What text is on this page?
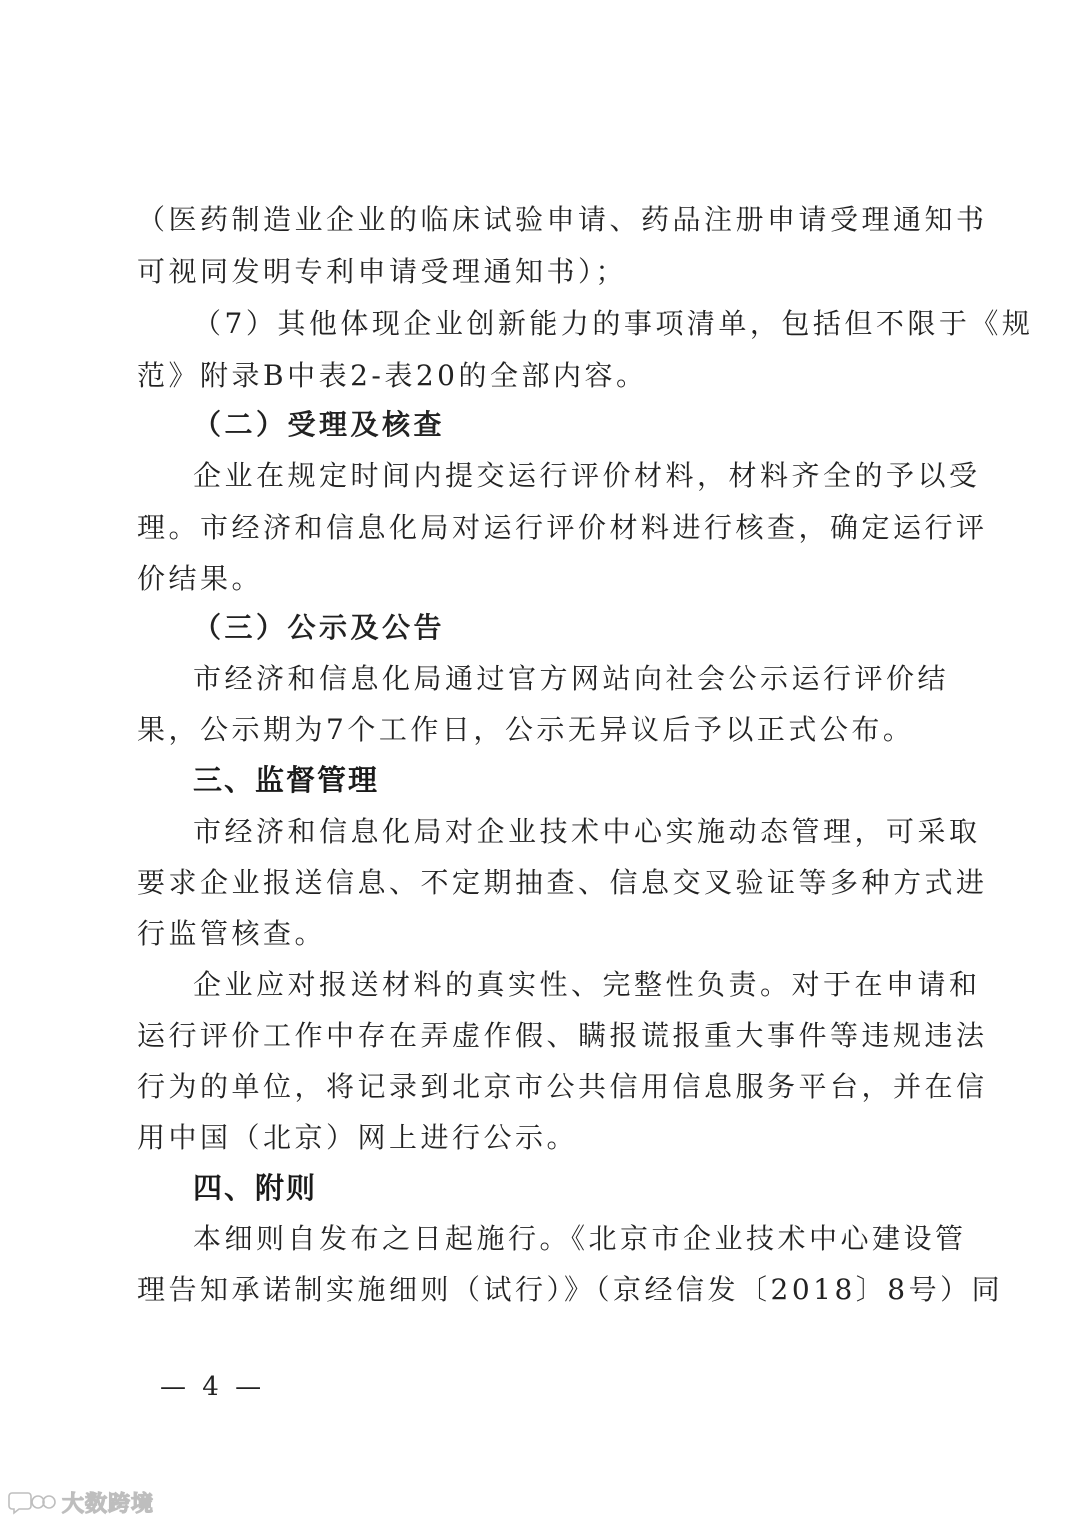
（医药制造业企业的临床试验申请、药品注册申请受理通知书
可视同发明专利申请受理通知书）；
（7）其他体现企业创新能力的事项清单，包括但不限于《规
范》附录B中表2-表20的全部内容。
（二）受理及核查
企业在规定时间内提交运行评价材料，材料齐全的予以受
理。市经济和信息化局对运行评价材料进行核查，确定运行评
价结果。
（三）公示及公告
市经济和信息化局通过官方网站向社会公示运行评价结
果，公示期为7个工作日，公示无异议后予以正式公布。
三、监督管理
市经济和信息化局对企业技术中心实施动态管理，可采取
要求企业报送信息、不定期抽查、信息交叉验证等多种方式进
行监管核查。
企业应对报送材料的真实性、完整性负责。对于在申请和
运行评价工作中存在弄虚作假、瞒报谎报重大事件等违规违法
行为的单位，将记录到北京市公共信用信息服务平台，并在信
用中国（北京）网上进行公示。
四、附则
本细则自发布之日起施行。《北京市企业技术中心建设管
理告知承诺制实施细则（试行）》（京经信发〔2018〕8号）同
— 4 —
大数跨境
